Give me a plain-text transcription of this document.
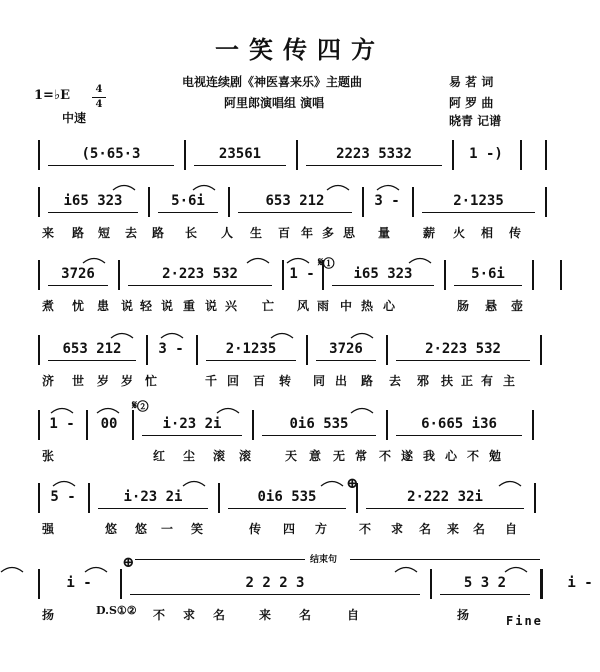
一笑传四方
电视连续剧《神医喜来乐》主题曲	易 茗 词
阿 罗 曲
阿里郎演唱组 演唱
晓青 记谱
1=♭E	4
4
中速
(5·65·3	23561	2223 5332	1 -)
i65 323	5·6i	653 212	3 -	2·1235
来 路 短 去 路 长 人 生 百 年 多 思 量	薪 火 相 传
3726	2·223 532	1 -	i65 323	5·6i
煮 忧 患 说 轻 说 重 说 兴 亡 风 雨 中 热 心	肠 悬 壶
653 212	3 -	2·1235	3726	2·223 532
济 世 岁 岁 忙	千 回 百 转 同 出 路 去 邪 扶 正 有 主
1 -	00	i·23 2i	0i6 535	6·665 i36
张	红 尘 滚 滚	天 意 无 常 不 遂 我 心 不 勉
5 -	i·23 2i	0i6 535	2·222 32i
强	悠 悠 一 笑	传 四 方	不 求 名 来 名 自
i -	2 2 2 3	5 3 2	i -
扬	不 求 名	来 名	自	扬
𝄋①
𝄋②
⊕
⊕
D.S①②
结束句
Fine
